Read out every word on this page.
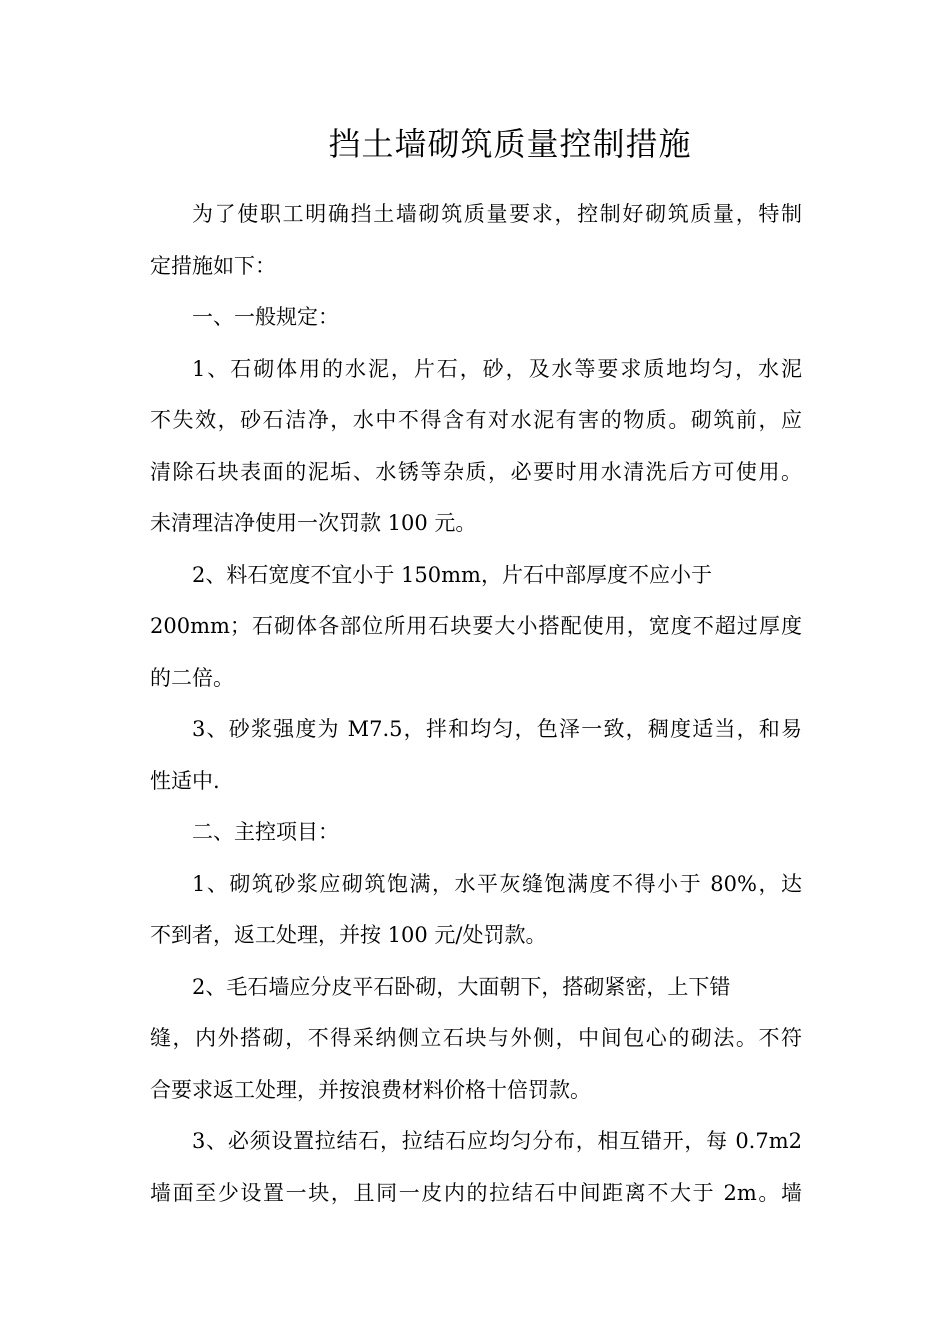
挡土墙砌筑质量控制措施
为了使职工明确挡土墙砌筑质量要求，控制好砌筑质量，特制
定措施如下：
一、一般规定：
1、石砌体用的水泥，片石，砂，及水等要求质地均匀，水泥
不失效，砂石洁净，水中不得含有对水泥有害的物质。砌筑前，应
清除石块表面的泥垢、水锈等杂质，必要时用水清洗后方可使用。
未清理洁净使用一次罚款 100 元。
2、料石宽度不宜小于 150mm，片石中部厚度不应小于
200mm；石砌体各部位所用石块要大小搭配使用，宽度不超过厚度
的二倍。
3、砂浆强度为 M7.5，拌和均匀，色泽一致，稠度适当，和易
性适中.
二、主控项目：
1、砌筑砂浆应砌筑饱满，水平灰缝饱满度不得小于 80%，达
不到者，返工处理，并按 100 元/处罚款。
2、毛石墙应分皮平石卧砌，大面朝下，搭砌紧密，上下错
缝，内外搭砌，不得采纳侧立石块与外侧，中间包心的砌法。不符
合要求返工处理，并按浪费材料价格十倍罚款。
3、必须设置拉结石，拉结石应均匀分布，相互错开，每 0.7m2
墙面至少设置一块，且同一皮内的拉结石中间距离不大于 2m。墙
